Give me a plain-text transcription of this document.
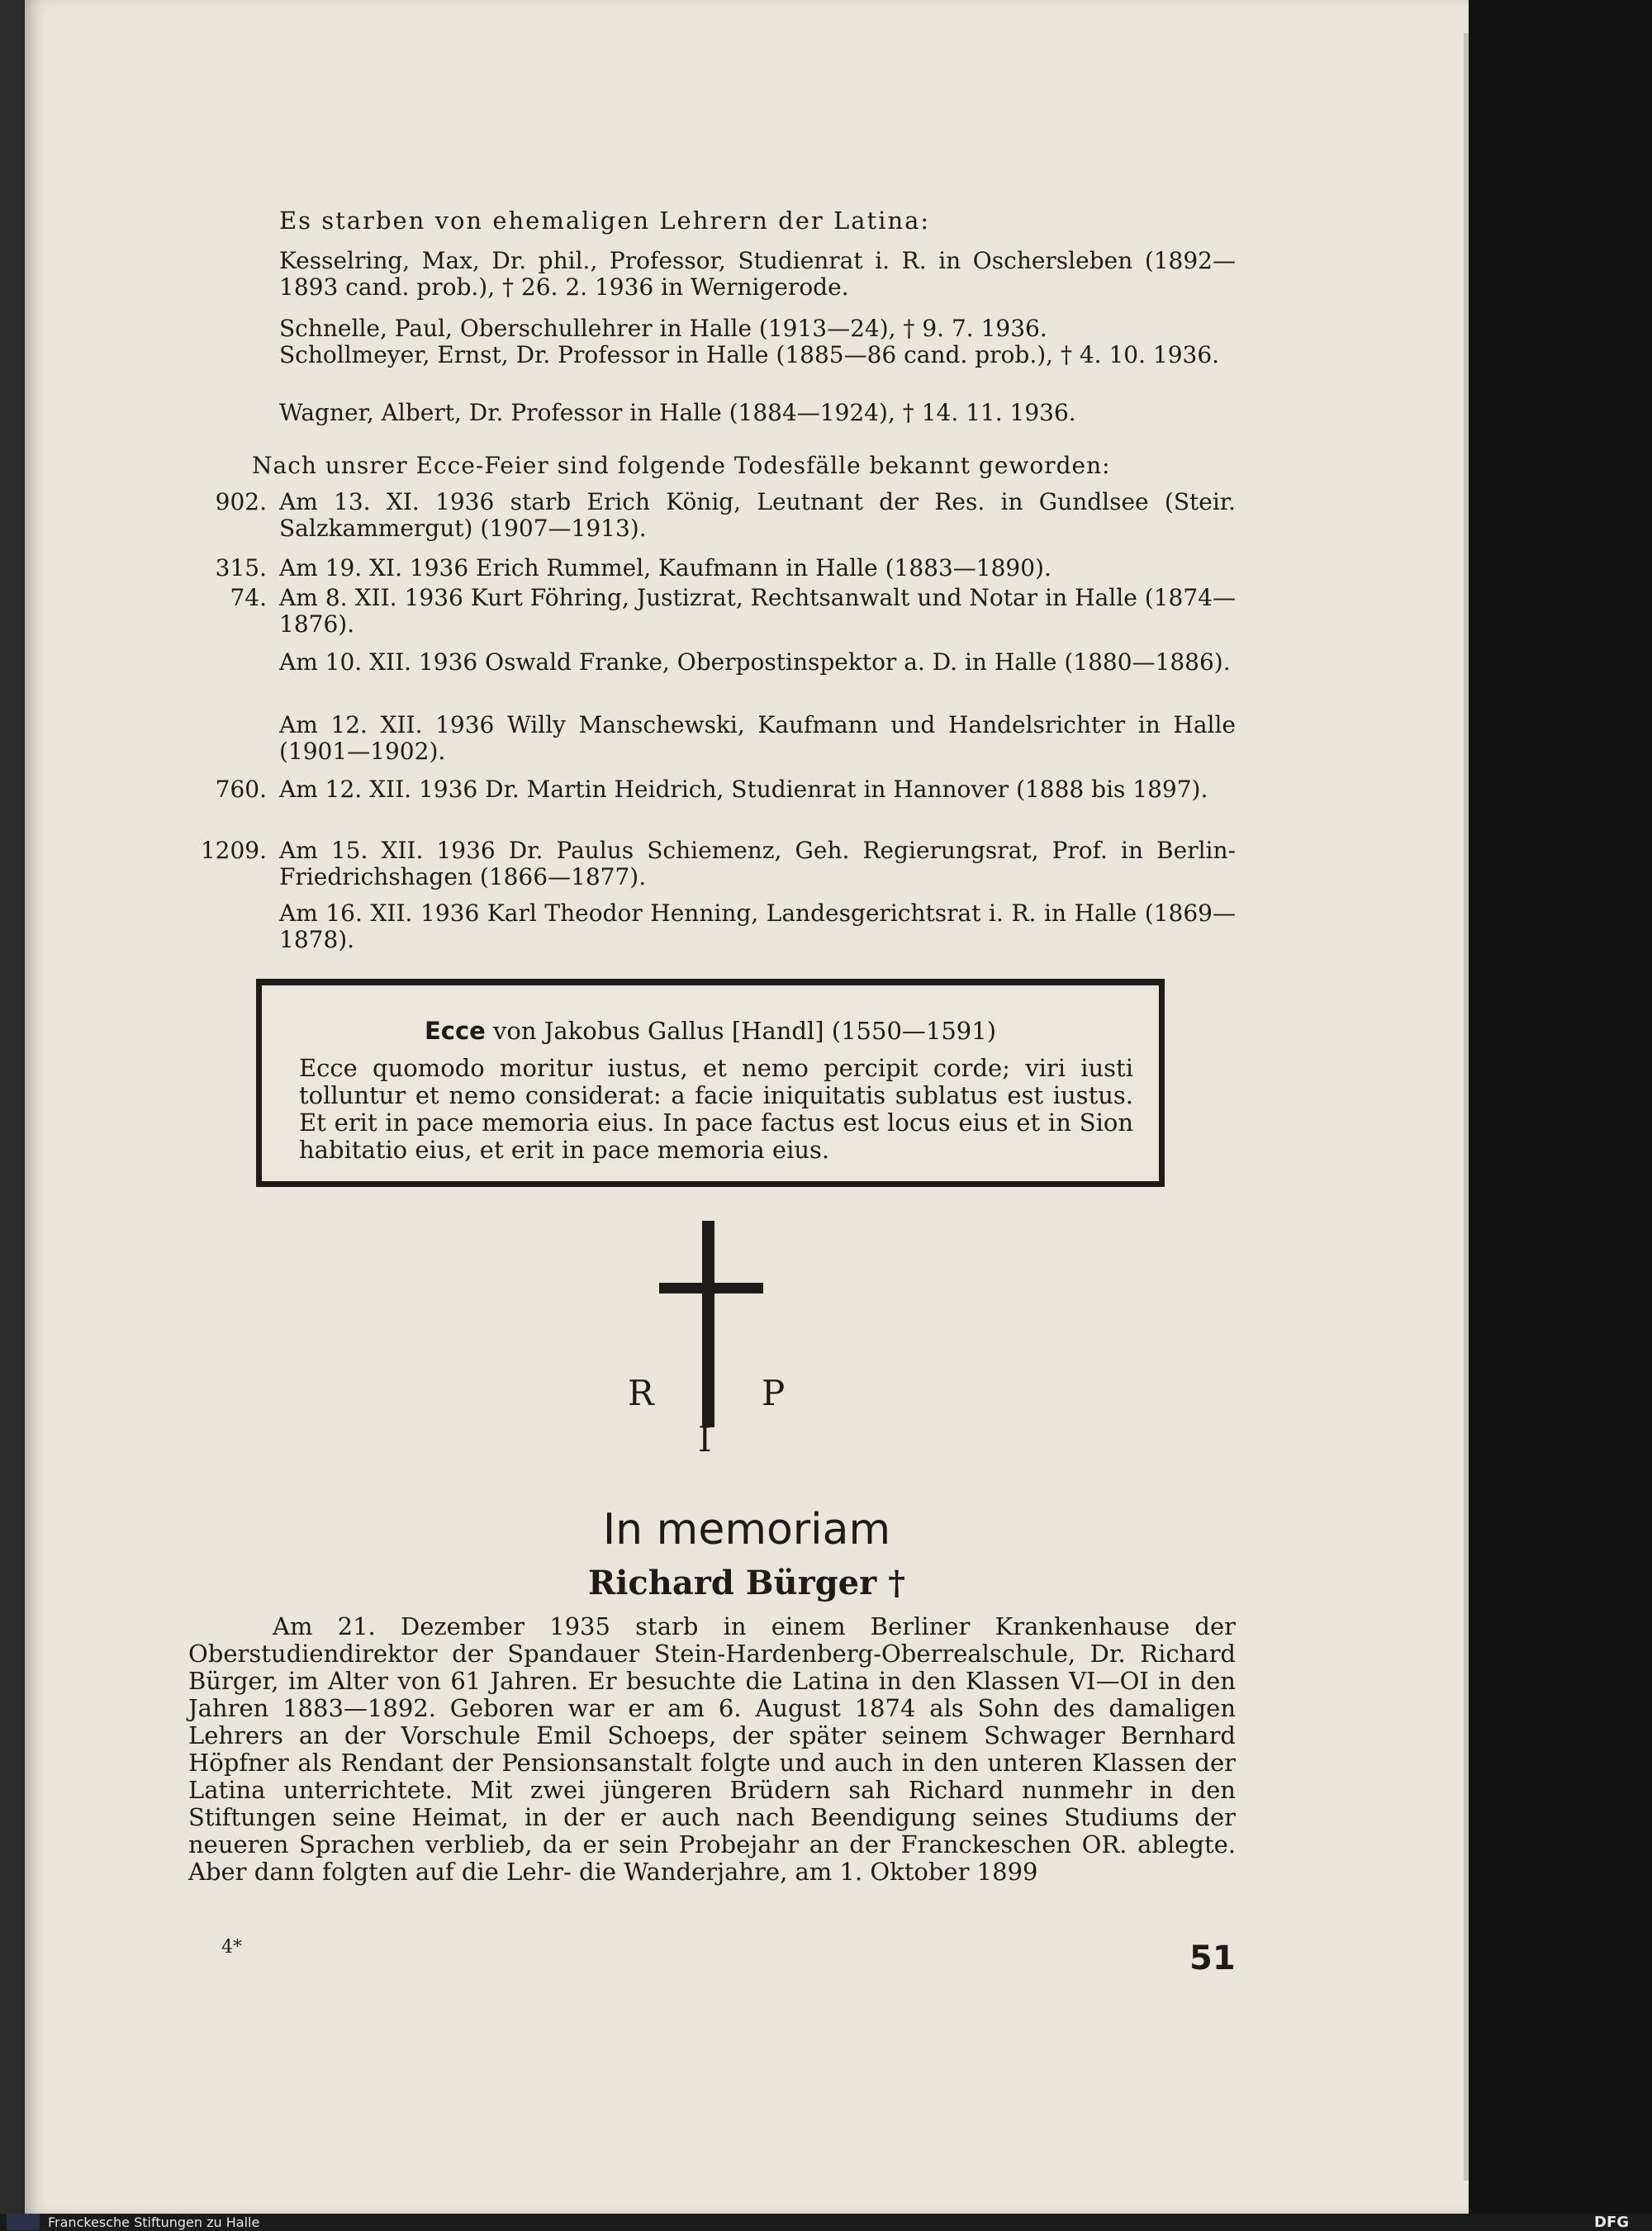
Es starben von ehemaligen Lehrern der Latina:
Kesselring, Max, Dr. phil., Professor, Studienrat i. R. in Oschersleben (1892—1893 cand. prob.), † 26. 2. 1936 in Wernigerode.
Schnelle, Paul, Oberschullehrer in Halle (1913—24), † 9. 7. 1936.
Schollmeyer, Ernst, Dr. Professor in Halle (1885—86 cand. prob.), † 4. 10. 1936.
Wagner, Albert, Dr. Professor in Halle (1884—1924), † 14. 11. 1936.
Nach unsrer Ecce-Feier sind folgende Todesfälle bekannt geworden:
902. Am 13. XI. 1936 starb Erich König, Leutnant der Res. in Gundlsee (Steir. Salzkammergut) (1907—1913).
315. Am 19. XI. 1936 Erich Rummel, Kaufmann in Halle (1883—1890).
74. Am 8. XII. 1936 Kurt Föhring, Justizrat, Rechtsanwalt und Notar in Halle (1874—1876).
Am 10. XII. 1936 Oswald Franke, Oberpostinspektor a. D. in Halle (1880—1886).
Am 12. XII. 1936 Willy Manschewski, Kaufmann und Handelsrichter in Halle (1901—1902).
760. Am 12. XII. 1936 Dr. Martin Heidrich, Studienrat in Hannover (1888 bis 1897).
1209. Am 15. XII. 1936 Dr. Paulus Schiemenz, Geh. Regierungsrat, Prof. in Berlin-Friedrichshagen (1866—1877).
Am 16. XII. 1936 Karl Theodor Henning, Landesgerichtsrat i. R. in Halle (1869—1878).
Ecce von Jakobus Gallus [Handl] (1550—1591)
Ecce quomodo moritur iustus, et nemo percipit corde; viri iusti tolluntur et nemo considerat: a facie iniquitatis sublatus est iustus. Et erit in pace memoria eius. In pace factus est locus eius et in Sion habitatio eius, et erit in pace memoria eius.
R
I
P
In memoriam
Richard Bürger †
Am 21. Dezember 1935 starb in einem Berliner Krankenhause der Oberstudiendirektor der Spandauer Stein-Hardenberg-Oberrealschule, Dr. Richard Bürger, im Alter von 61 Jahren. Er besuchte die Latina in den Klassen VI—OI in den Jahren 1883—1892. Geboren war er am 6. August 1874 als Sohn des damaligen Lehrers an der Vorschule Emil Schoeps, der später seinem Schwager Bernhard Höpfner als Rendant der Pensionsanstalt folgte und auch in den unteren Klassen der Latina unterrichtete. Mit zwei jüngeren Brüdern sah Richard nunmehr in den Stiftungen seine Heimat, in der er auch nach Beendigung seines Studiums der neueren Sprachen verblieb, da er sein Probejahr an der Franckeschen OR. ablegte. Aber dann folgten auf die Lehr- die Wanderjahre, am 1. Oktober 1899
4*	51
Franckesche Stiftungen zu Halle	DFG
